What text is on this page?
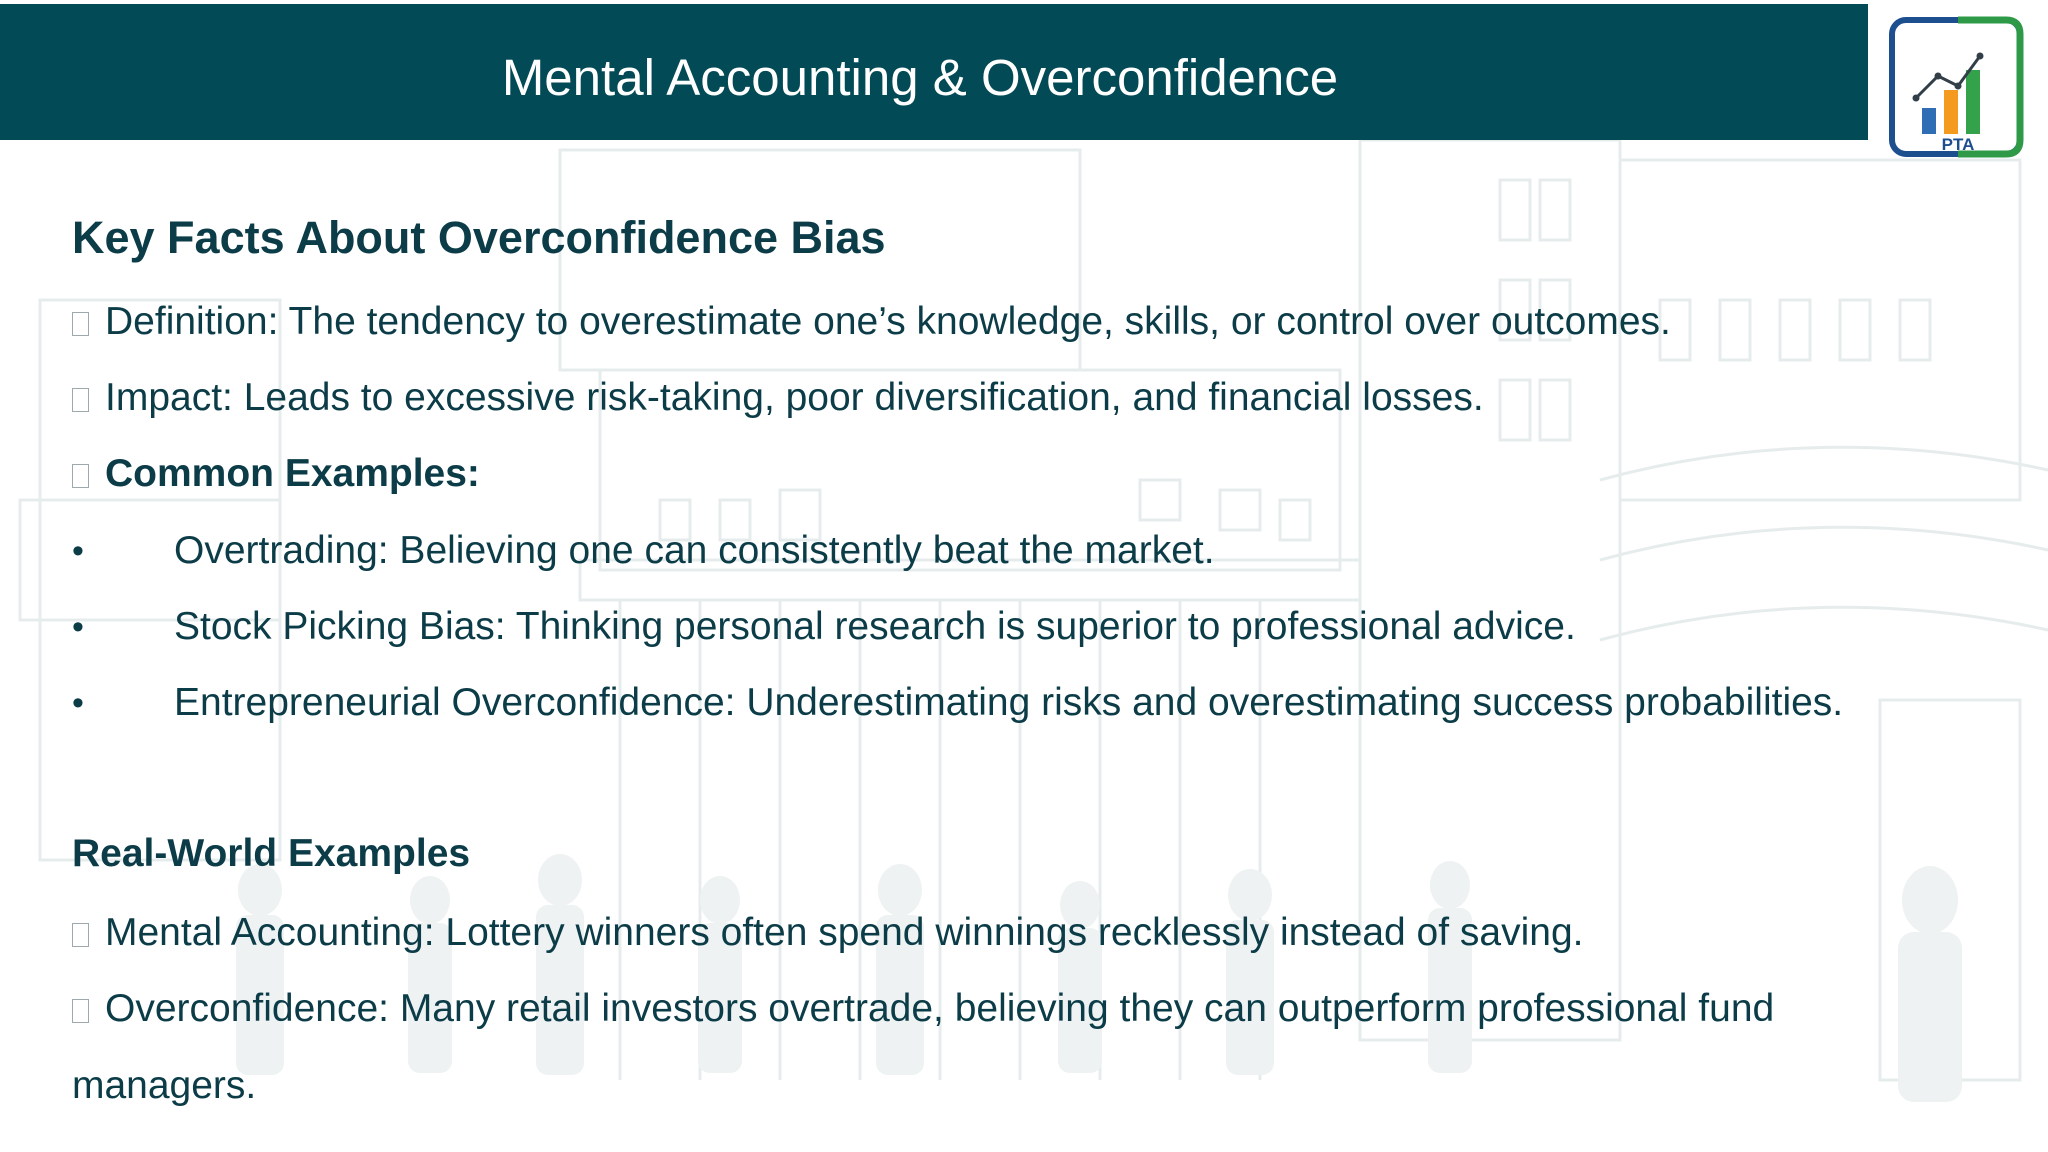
Mental Accounting & Overconfidence
PTA
Key Facts About Overconfidence Bias
Definition: The tendency to overestimate one’s knowledge, skills, or control over outcomes.
Impact: Leads to excessive risk-taking, poor diversification, and financial losses.
Common Examples:
• Overtrading: Believing one can consistently beat the market.
• Stock Picking Bias: Thinking personal research is superior to professional advice.
• Entrepreneurial Overconfidence: Underestimating risks and overestimating success probabilities.
Real-World Examples
Mental Accounting: Lottery winners often spend winnings recklessly instead of saving.
Overconfidence: Many retail investors overtrade, believing they can outperform professional fund
managers.
